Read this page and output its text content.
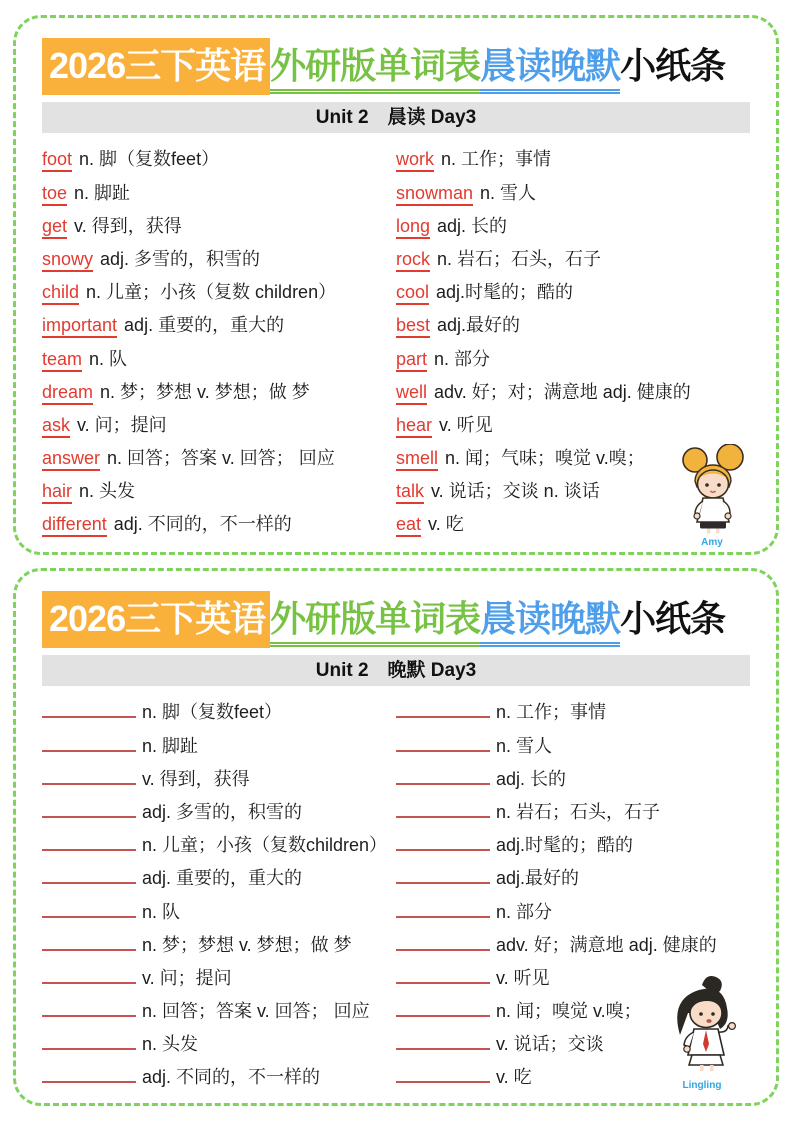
2026三下英语 外研版单词表晨读晚默小纸条
Unit 2　晨读 Day3
foot n. 脚（复数feet）
toe n. 脚趾
get v. 得到，获得
snowy adj. 多雪的，积雪的
child n. 儿童；小孩（复数 children）
important adj. 重要的，重大的
team n. 队
dream n. 梦；梦想 v. 梦想；做 梦
ask v. 问；提问
answer n. 回答；答案 v. 回答； 回应
hair n. 头发
different adj. 不同的，不一样的
work n. 工作；事情
snowman n. 雪人
long adj. 长的
rock n. 岩石；石头，石子
cool adj.时髦的；酷的
best adj.最好的
part n. 部分
well adv. 好；对；满意地 adj. 健康的
hear v. 听见
smell n. 闻；气味；嗅觉 v.嗅；
talk v. 说话；交谈 n. 谈话
eat v. 吃
Amy
2026三下英语 外研版单词表晨读晚默小纸条
Unit 2　晚默 Day3
n. 脚（复数feet）
n. 脚趾
v. 得到，获得
adj. 多雪的，积雪的
n. 儿童；小孩（复数children）
adj. 重要的，重大的
n. 队
n. 梦；梦想 v. 梦想；做 梦
v. 问；提问
n. 回答；答案 v. 回答； 回应
n. 头发
adj. 不同的，不一样的
n. 工作；事情
n. 雪人
adj. 长的
n. 岩石；石头，石子
adj.时髦的；酷的
adj.最好的
n. 部分
adv. 好；满意地 adj. 健康的
v. 听见
n. 闻；嗅觉 v.嗅；
v. 说话；交谈
v. 吃	Lingling
